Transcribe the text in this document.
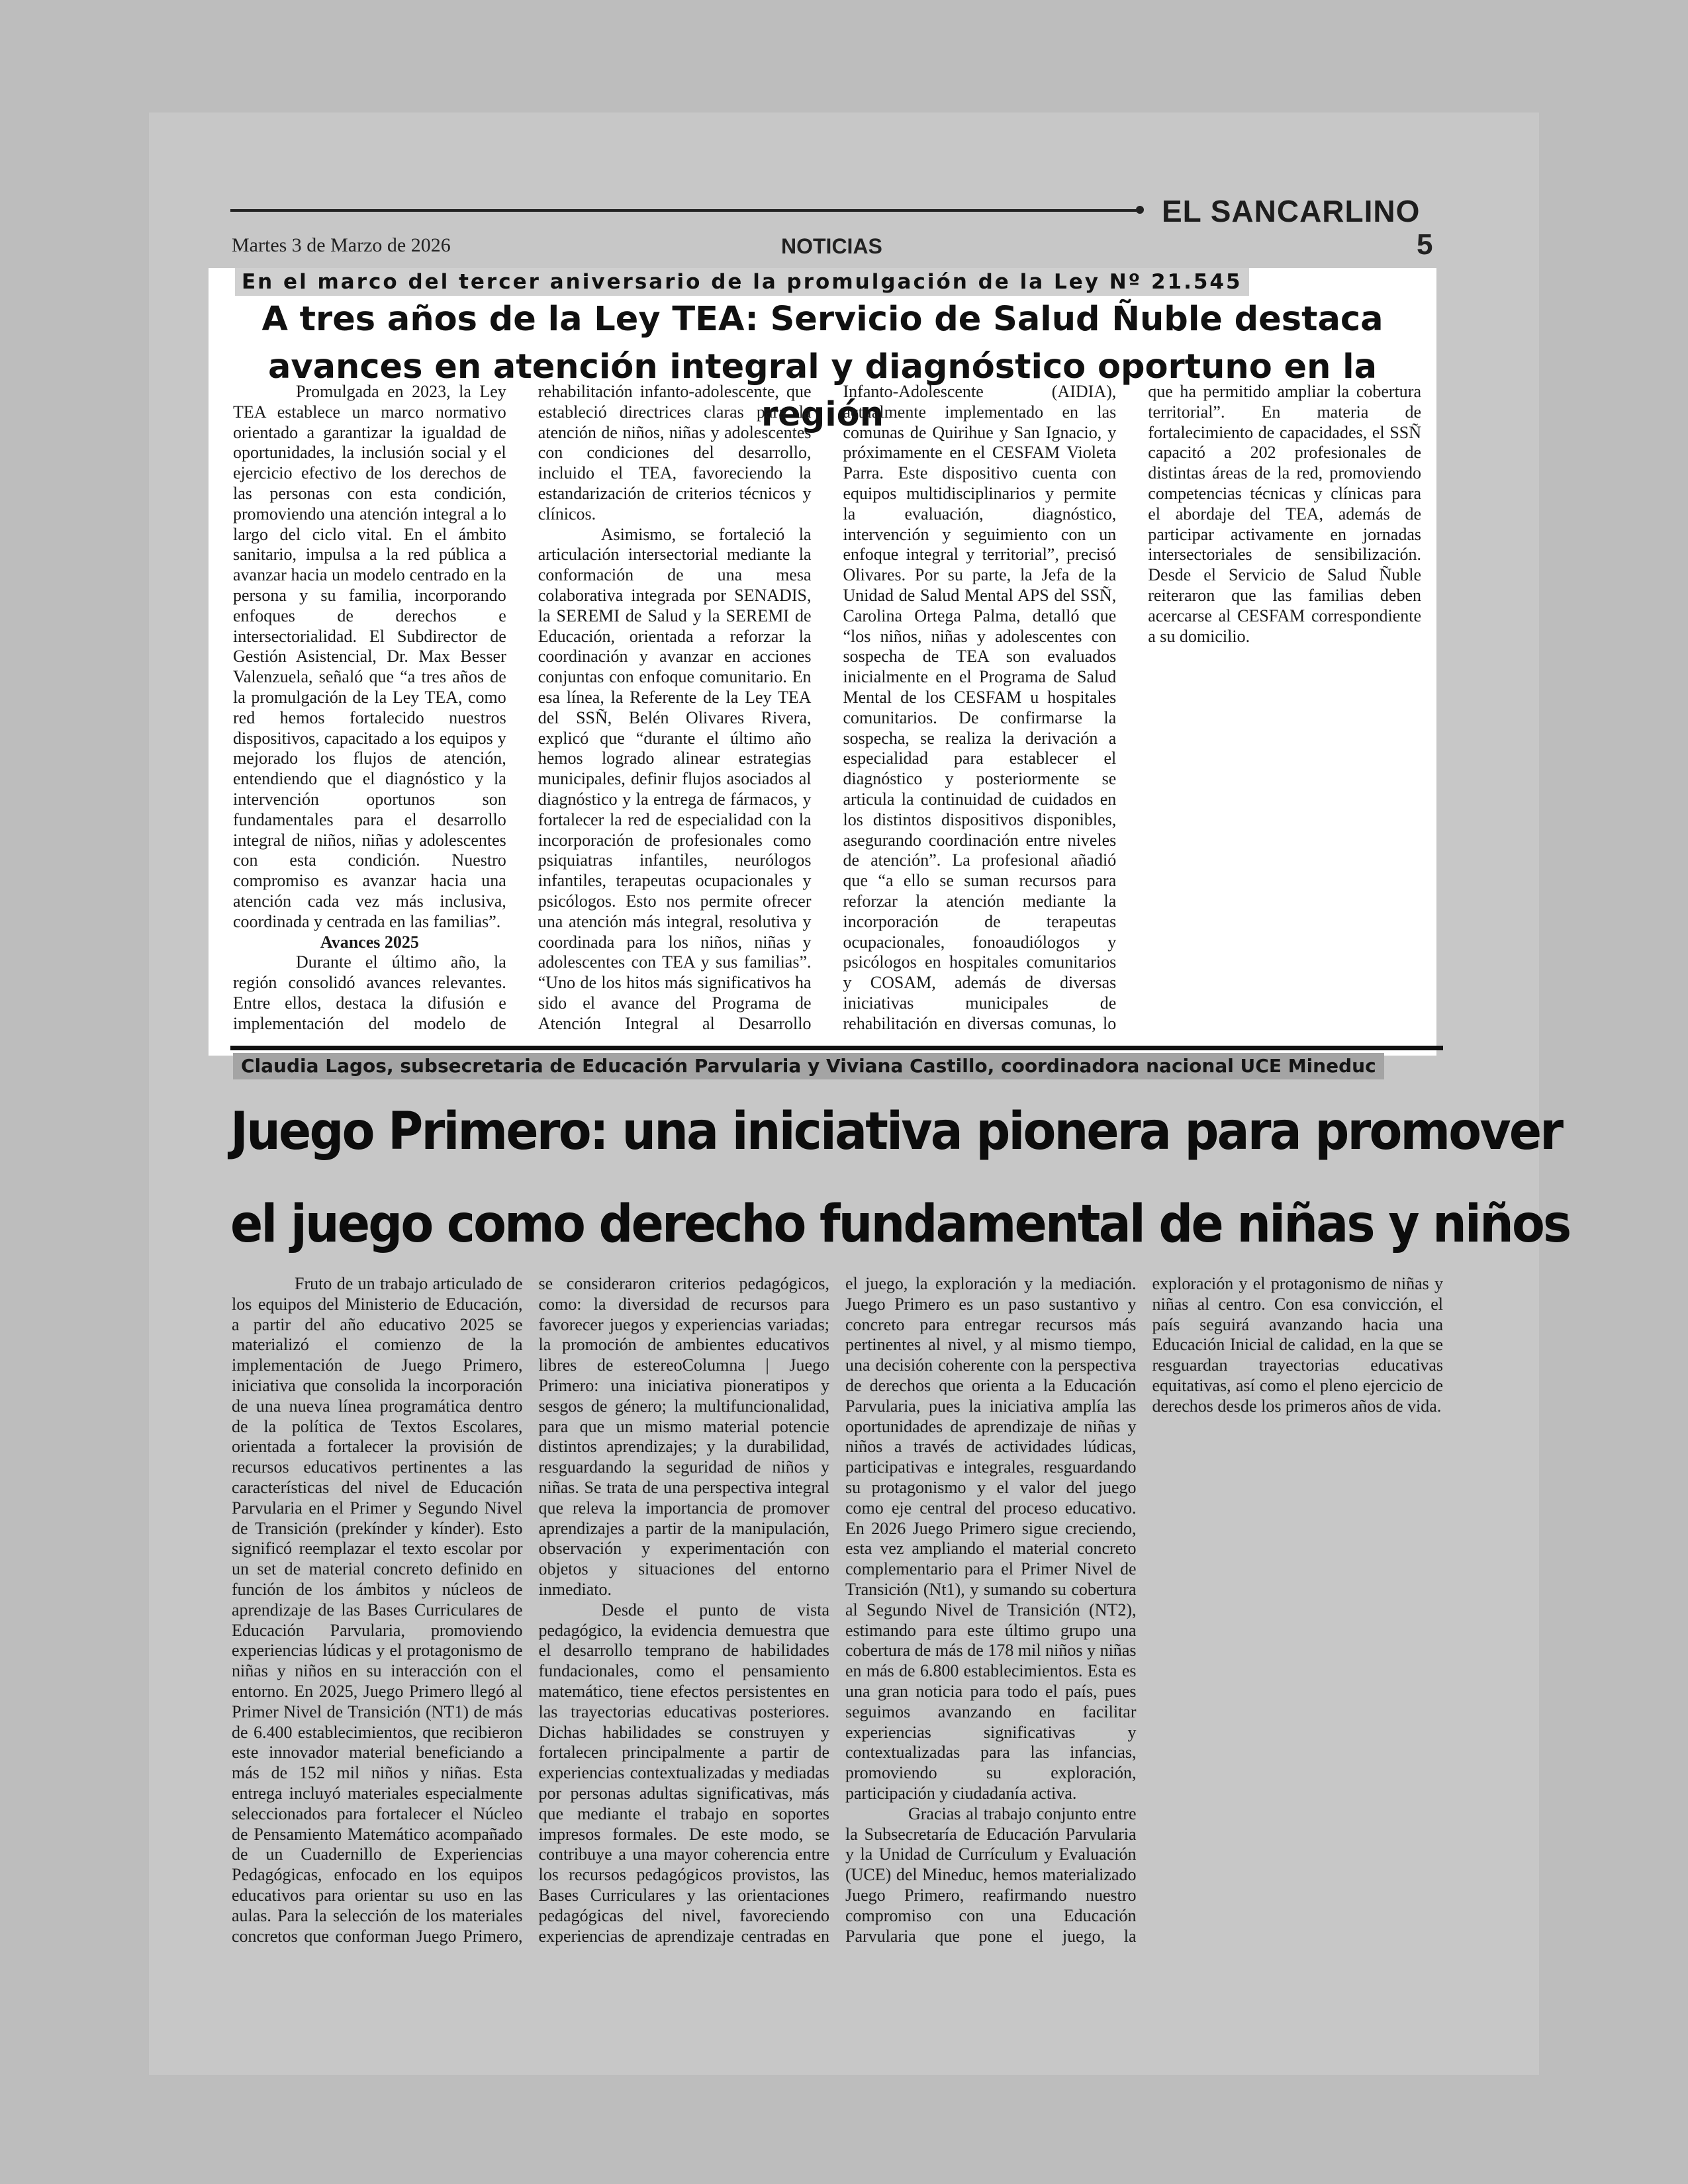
EL SANCARLINO
Martes 3 de Marzo de 2026	NOTICIAS	5
En el marco del tercer aniversario de la promulgación de la Ley Nº 21.545
A tres años de la Ley TEA: Servicio de Salud Ñuble destaca avances en atención integral y diagnóstico oportuno en la región

Promulgada en 2023, la Ley TEA establece un marco normativo orientado a garantizar la igualdad de oportunidades, la inclusión social y el ejercicio efectivo de los derechos de las personas con esta condición, promoviendo una atención integral a lo largo del ciclo vital. En el ámbito sanitario, impulsa a la red pública a avanzar hacia un modelo centrado en la persona y su familia, incorporando enfoques de derechos e intersectorialidad. El Subdirector de Gestión Asistencial, Dr. Max Besser Valenzuela, señaló que “a tres años de la promulgación de la Ley TEA, como red hemos fortalecido nuestros dispositivos, capacitado a los equipos y mejorado los flujos de atención, entendiendo que el diagnóstico y la intervención oportunos son fundamentales para el desarrollo integral de niños, niñas y adolescentes con esta condición. Nuestro compromiso es avanzar hacia una atención cada vez más inclusiva, coordinada y centrada en las familias”.

Avances 2025

Durante el último año, la región consolidó avances relevantes. Entre ellos, destaca la difusión e implementación del modelo de rehabilitación infanto-adolescente, que estableció directrices claras para la atención de niños, niñas y adolescentes con condiciones del desarrollo, incluido el TEA, favoreciendo la estandarización de criterios técnicos y clínicos.

Asimismo, se fortaleció la articulación intersectorial mediante la conformación de una mesa colaborativa integrada por SENADIS, la SEREMI de Salud y la SEREMI de Educación, orientada a reforzar la coordinación y avanzar en acciones conjuntas con enfoque comunitario. En esa línea, la Referente de la Ley TEA del SSÑ, Belén Olivares Rivera, explicó que “durante el último año hemos logrado alinear estrategias municipales, definir flujos asociados al diagnóstico y la entrega de fármacos, y fortalecer la red de especialidad con la incorporación de profesionales como psiquiatras infantiles, neurólogos infantiles, terapeutas ocupacionales y psicólogos. Esto nos permite ofrecer una atención más integral, resolutiva y coordinada para los niños, niñas y adolescentes con TEA y sus familias”. “Uno de los hitos más significativos ha sido el avance del Programa de Atención Integral al Desarrollo Infanto-Adolescente (AIDIA), actualmente implementado en las comunas de Quirihue y San Ignacio, y próximamente en el CESFAM Violeta Parra. Este dispositivo cuenta con equipos multidisciplinarios y permite la evaluación, diagnóstico, intervención y seguimiento con un enfoque integral y territorial”, precisó Olivares. Por su parte, la Jefa de la Unidad de Salud Mental APS del SSÑ, Carolina Ortega Palma, detalló que “los niños, niñas y adolescentes con sospecha de TEA son evaluados inicialmente en el Programa de Salud Mental de los CESFAM u hospitales comunitarios. De confirmarse la sospecha, se realiza la derivación a especialidad para establecer el diagnóstico y posteriormente se articula la continuidad de cuidados en los distintos dispositivos disponibles, asegurando coordinación entre niveles de atención”. La profesional añadió que “a ello se suman recursos para reforzar la atención mediante la incorporación de terapeutas ocupacionales, fonoaudiólogos y psicólogos en hospitales comunitarios y COSAM, además de diversas iniciativas municipales de rehabilitación en diversas comunas, lo que ha permitido ampliar la cobertura territorial”. En materia de fortalecimiento de capacidades, el SSÑ capacitó a 202 profesionales de distintas áreas de la red, promoviendo competencias técnicas y clínicas para el abordaje del TEA, además de participar activamente en jornadas intersectoriales de sensibilización. Desde el Servicio de Salud Ñuble reiteraron que las familias deben acercarse al CESFAM correspondiente a su domicilio.

Claudia Lagos, subsecretaria de Educación Parvularia y Viviana Castillo, coordinadora nacional UCE Mineduc
Juego Primero: una iniciativa pionera para promover
el juego como derecho fundamental de niñas y niños

Fruto de un trabajo articulado de los equipos del Ministerio de Educación, a partir del año educativo 2025 se materializó el comienzo de la implementación de Juego Primero, iniciativa que consolida la incorporación de una nueva línea programática dentro de la política de Textos Escolares, orientada a fortalecer la provisión de recursos educativos pertinentes a las características del nivel de Educación Parvularia en el Primer y Segundo Nivel de Transición (prekínder y kínder). Esto significó reemplazar el texto escolar por un set de material concreto definido en función de los ámbitos y núcleos de aprendizaje de las Bases Curriculares de Educación Parvularia, promoviendo experiencias lúdicas y el protagonismo de niñas y niños en su interacción con el entorno. En 2025, Juego Primero llegó al Primer Nivel de Transición (NT1) de más de 6.400 establecimientos, que recibieron este innovador material beneficiando a más de 152 mil niños y niñas. Esta entrega incluyó materiales especialmente seleccionados para fortalecer el Núcleo de Pensamiento Matemático acompañado de un Cuadernillo de Experiencias Pedagógicas, enfocado en los equipos educativos para orientar su uso en las aulas. Para la selección de los materiales concretos que conforman Juego Primero, se consideraron criterios pedagógicos, como: la diversidad de recursos para favorecer juegos y experiencias variadas; la promoción de ambientes educativos libres de estereoColumna | Juego Primero: una iniciativa pioneratipos y sesgos de género; la multifuncionalidad, para que un mismo material potencie distintos aprendizajes; y la durabilidad, resguardando la seguridad de niños y niñas. Se trata de una perspectiva integral que releva la importancia de promover aprendizajes a partir de la manipulación, observación y experimentación con objetos y situaciones del entorno inmediato.

Desde el punto de vista pedagógico, la evidencia demuestra que el desarrollo temprano de habilidades fundacionales, como el pensamiento matemático, tiene efectos persistentes en las trayectorias educativas posteriores. Dichas habilidades se construyen y fortalecen principalmente a partir de experiencias contextualizadas y mediadas por personas adultas significativas, más que mediante el trabajo en soportes impresos formales. De este modo, se contribuye a una mayor coherencia entre los recursos pedagógicos provistos, las Bases Curriculares y las orientaciones pedagógicas del nivel, favoreciendo experiencias de aprendizaje centradas en el juego, la exploración y la mediación. Juego Primero es un paso sustantivo y concreto para entregar recursos más pertinentes al nivel, y al mismo tiempo, una decisión coherente con la perspectiva de derechos que orienta a la Educación Parvularia, pues la iniciativa amplía las oportunidades de aprendizaje de niñas y niños a través de actividades lúdicas, participativas e integrales, resguardando su protagonismo y el valor del juego como eje central del proceso educativo. En 2026 Juego Primero sigue creciendo, esta vez ampliando el material concreto complementario para el Primer Nivel de Transición (Nt1), y sumando su cobertura al Segundo Nivel de Transición (NT2), estimando para este último grupo una cobertura de más de 178 mil niños y niñas en más de 6.800 establecimientos. Esta es una gran noticia para todo el país, pues seguimos avanzando en facilitar experiencias significativas y contextualizadas para las infancias, promoviendo su exploración, participación y ciudadanía activa.

Gracias al trabajo conjunto entre la Subsecretaría de Educación Parvularia y la Unidad de Currículum y Evaluación (UCE) del Mineduc, hemos materializado Juego Primero, reafirmando nuestro compromiso con una Educación Parvularia que pone el juego, la exploración y el protagonismo de niñas y niñas al centro. Con esa convicción, el país seguirá avanzando hacia una Educación Inicial de calidad, en la que se resguardan trayectorias educativas equitativas, así como el pleno ejercicio de derechos desde los primeros años de vida.
